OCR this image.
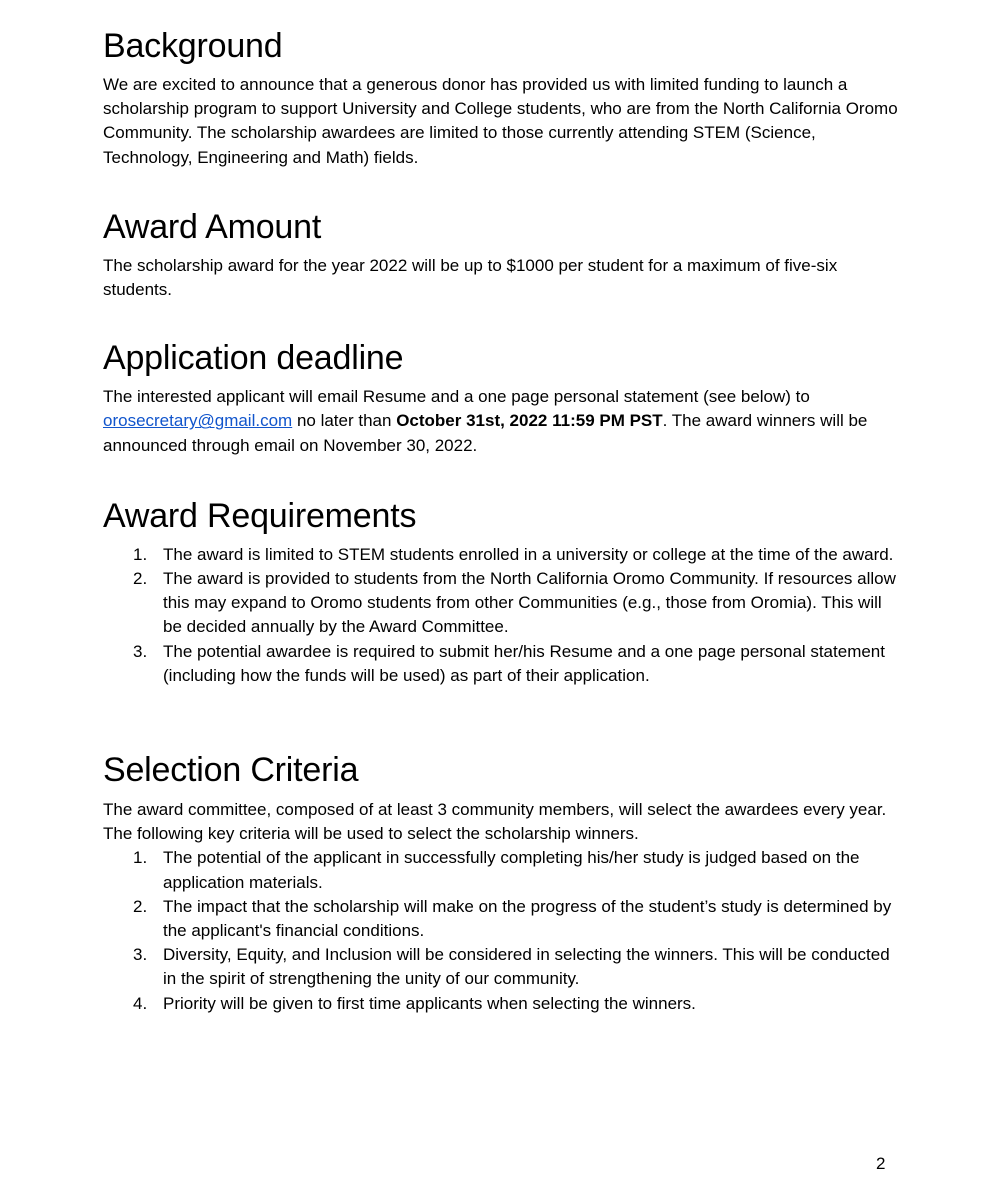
Background

We are excited to announce that a generous donor has provided us with limited funding to launch a scholarship program to support University and College students, who are from the North California Oromo Community. The scholarship awardees are limited to those currently attending STEM (Science, Technology, Engineering and Math) fields.

Award Amount

The scholarship award for the year 2022 will be up to $1000 per student for a maximum of five-six students.

Application deadline

The interested applicant will email Resume and a one page personal statement (see below) to orosecretary@gmail.com no later than October 31st, 2022 11:59 PM PST. The award winners will be announced through email on November 30, 2022.

Award Requirements
1. The award is limited to STEM students enrolled in a university or college at the time of the award.
2. The award is provided to students from the North California Oromo Community. If resources allow this may expand to Oromo students from other Communities (e.g., those from Oromia). This will be decided annually by the Award Committee.
3. The potential awardee is required to submit her/his Resume and a one page personal statement (including how the funds will be used) as part of their application.
Selection Criteria

The award committee, composed of at least 3 community members, will select the awardees every year. The following key criteria will be used to select the scholarship winners.

1. The potential of the applicant in successfully completing his/her study is judged based on the application materials.
2. The impact that the scholarship will make on the progress of the student’s study is determined by the applicant's financial conditions.
3. Diversity, Equity, and Inclusion will be considered in selecting the winners. This will be conducted in the spirit of strengthening the unity of our community.
4. Priority will be given to first time applicants when selecting the winners.
2
